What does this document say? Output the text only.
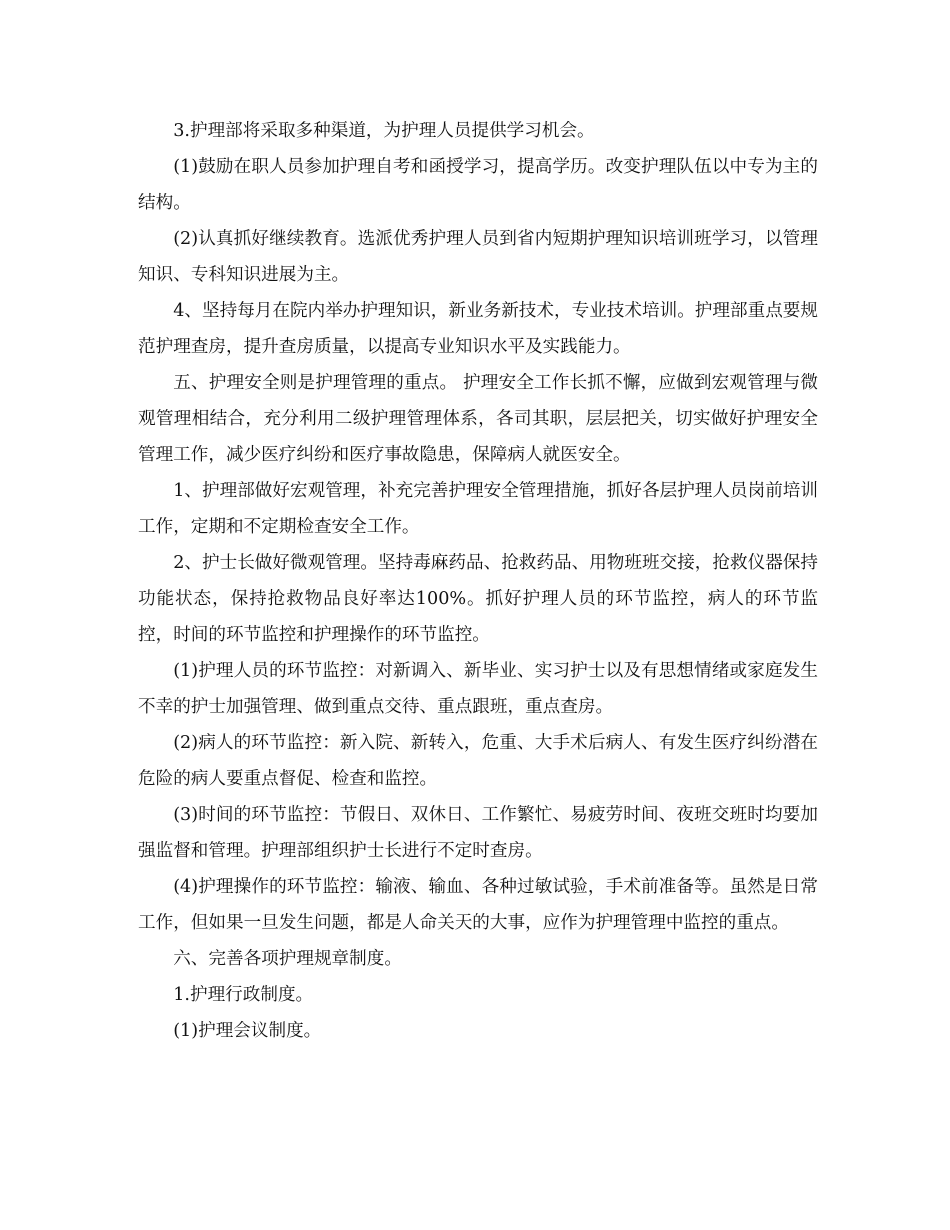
3.护理部将采取多种渠道，为护理人员提供学习机会。

(1)鼓励在职人员参加护理自考和函授学习，提高学历。改变护理队伍以中专为主的结构。

(2)认真抓好继续教育。选派优秀护理人员到省内短期护理知识培训班学习，以管理知识、专科知识进展为主。

4、坚持每月在院内举办护理知识，新业务新技术，专业技术培训。护理部重点要规范护理查房，提升查房质量，以提高专业知识水平及实践能力。

五、护理安全则是护理管理的重点。 护理安全工作长抓不懈，应做到宏观管理与微观管理相结合，充分利用二级护理管理体系，各司其职，层层把关，切实做好护理安全管理工作，减少医疗纠纷和医疗事故隐患，保障病人就医安全。

1、护理部做好宏观管理，补充完善护理安全管理措施，抓好各层护理人员岗前培训工作，定期和不定期检查安全工作。

2、护士长做好微观管理。坚持毒麻药品、抢救药品、用物班班交接，抢救仪器保持功能状态，保持抢救物品良好率达100%。抓好护理人员的环节监控，病人的环节监控，时间的环节监控和护理操作的环节监控。

(1)护理人员的环节监控：对新调入、新毕业、实习护士以及有思想情绪或家庭发生不幸的护士加强管理、做到重点交待、重点跟班，重点查房。

(2)病人的环节监控：新入院、新转入，危重、大手术后病人、有发生医疗纠纷潜在危险的病人要重点督促、检查和监控。

(3)时间的环节监控：节假日、双休日、工作繁忙、易疲劳时间、夜班交班时均要加强监督和管理。护理部组织护士长进行不定时查房。

(4)护理操作的环节监控：输液、输血、各种过敏试验，手术前准备等。虽然是日常工作，但如果一旦发生问题，都是人命关天的大事，应作为护理管理中监控的重点。

六、完善各项护理规章制度。

1.护理行政制度。

(1)护理会议制度。
